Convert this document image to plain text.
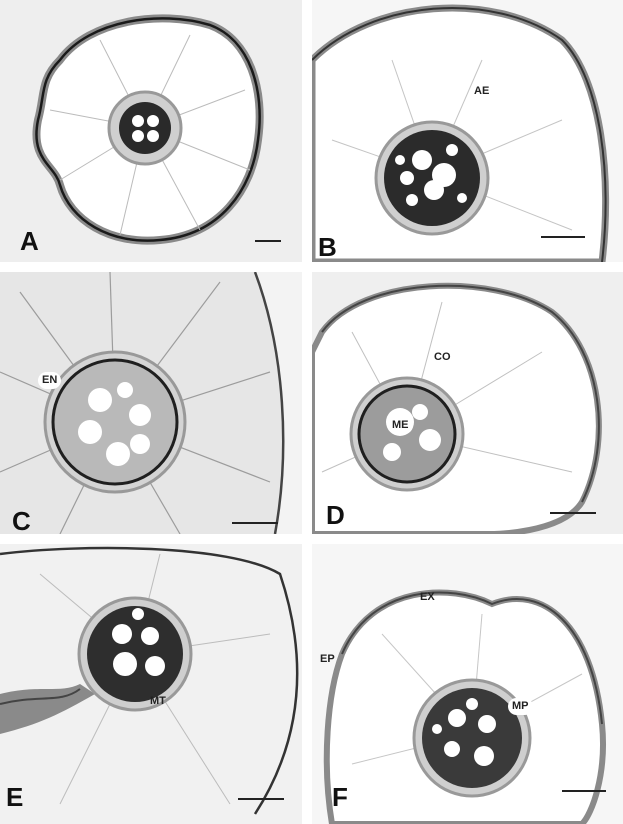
A
AE
B
EN
C
CO
ME
D
MT
E
EX
EP
MP
F
